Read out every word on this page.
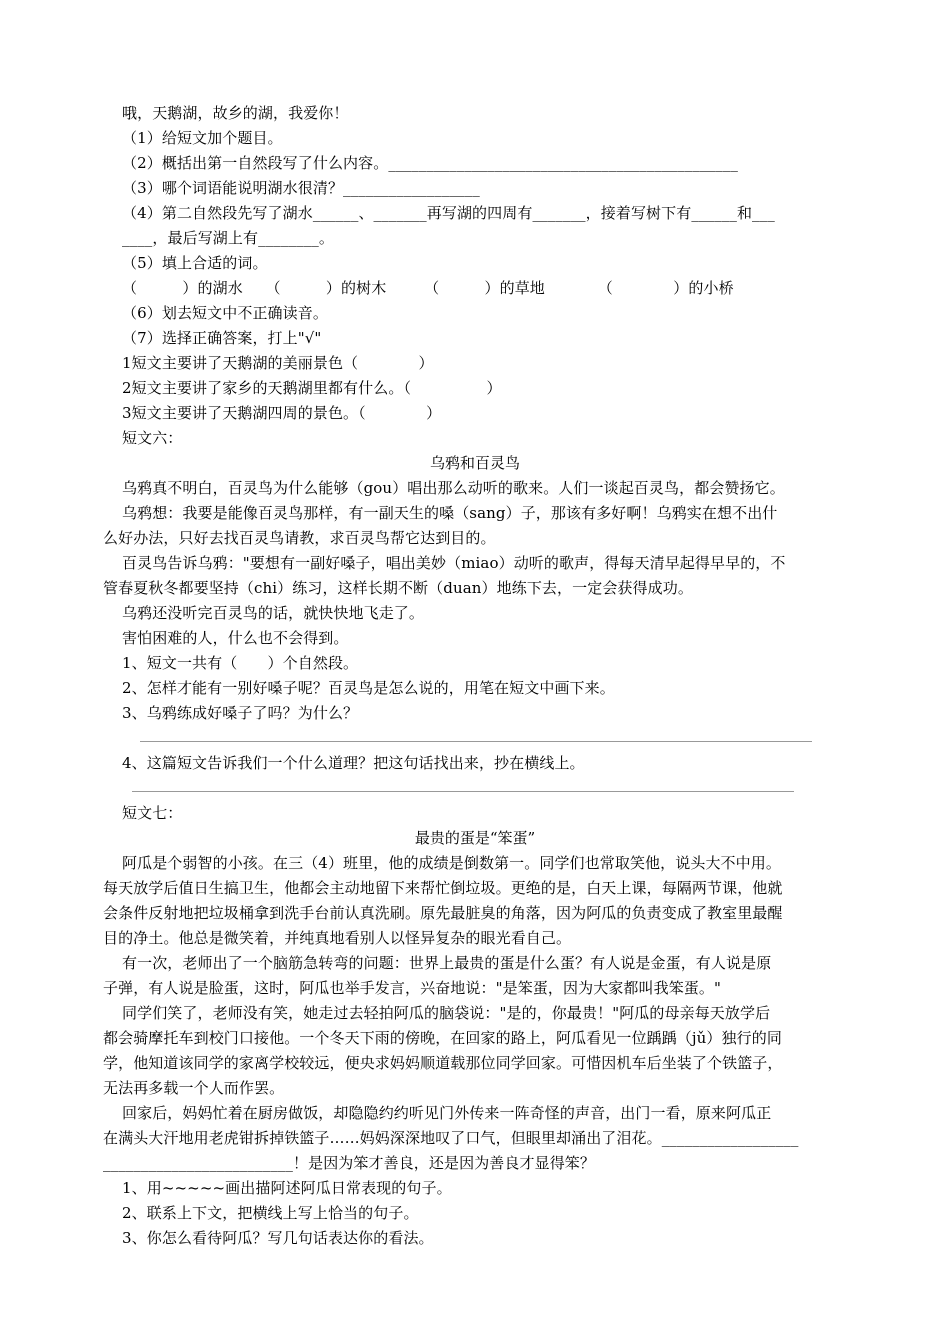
哦，天鹅湖，故乡的湖，我爱你！
（1）给短文加个题目。
（2）概括出第一自然段写了什么内容。______________________________________________
（3）哪个词语能说明湖水很清？__________________
（4）第二自然段先写了湖水______、_______再写湖的四周有_______，接着写树下有______和___
____，最后写湖上有________。
（5）填上合适的词。
（　　　）的湖水　　（　　　）的树木　　　（　　　）的草地　　　　（　　　　）的小桥
（6）划去短文中不正确读音。
（7）选择正确答案，打上"√"
1短文主要讲了天鹅湖的美丽景色（　　　　）
2短文主要讲了家乡的天鹅湖里都有什么。（　　　　　）
3短文主要讲了天鹅湖四周的景色。（　　　　）
短文六：
乌鸦和百灵鸟
乌鸦真不明白，百灵鸟为什么能够（gou）唱出那么动听的歌来。人们一谈起百灵鸟，都会赞扬它。
乌鸦想：我要是能像百灵鸟那样，有一副天生的嗓（sang）子，那该有多好啊！乌鸦实在想不出什
么好办法，只好去找百灵鸟请教，求百灵鸟帮它达到目的。
百灵鸟告诉乌鸦："要想有一副好嗓子，唱出美妙（miao）动听的歌声，得每天清早起得早早的，不
管春夏秋冬都要坚持（chi）练习，这样长期不断（duan）地练下去，一定会获得成功。
乌鸦还没听完百灵鸟的话，就快快地飞走了。
害怕困难的人，什么也不会得到。
1、短文一共有（　　）个自然段。
2、怎样才能有一别好嗓子呢？百灵鸟是怎么说的，用笔在短文中画下来。
3、乌鸦练成好嗓子了吗？为什么？
4、这篇短文告诉我们一个什么道理？把这句话找出来，抄在横线上。
短文七：
最贵的蛋是“笨蛋”
阿瓜是个弱智的小孩。在三（4）班里，他的成绩是倒数第一。同学们也常取笑他，说头大不中用。
每天放学后值日生搞卫生，他都会主动地留下来帮忙倒垃圾。更绝的是，白天上课，每隔两节课，他就
会条件反射地把垃圾桶拿到洗手台前认真洗刷。原先最脏臭的角落，因为阿瓜的负责变成了教室里最醒
目的净土。他总是微笑着，并纯真地看别人以怪异复杂的眼光看自己。
有一次，老师出了一个脑筋急转弯的问题：世界上最贵的蛋是什么蛋？有人说是金蛋，有人说是原
子弹，有人说是脸蛋，这时，阿瓜也举手发言，兴奋地说："是笨蛋，因为大家都叫我笨蛋。"
同学们笑了，老师没有笑，她走过去轻拍阿瓜的脑袋说："是的，你最贵！"阿瓜的母亲每天放学后
都会骑摩托车到校门口接他。一个冬天下雨的傍晚，在回家的路上，阿瓜看见一位踽踽（jǔ）独行的同
学，他知道该同学的家离学校较远，便央求妈妈顺道载那位同学回家。可惜因机车后坐装了个铁篮子，
无法再多载一个人而作罢。
回家后，妈妈忙着在厨房做饭，却隐隐约约听见门外传来一阵奇怪的声音，出门一看，原来阿瓜正
在满头大汗地用老虎钳拆掉铁篮子……妈妈深深地叹了口气，但眼里却涌出了泪花。__________________
_________________________！是因为笨才善良，还是因为善良才显得笨？
1、用~~~~~画出描阿述阿瓜日常表现的句子。
2、联系上下文，把横线上写上恰当的句子。
3、你怎么看待阿瓜？写几句话表达你的看法。
